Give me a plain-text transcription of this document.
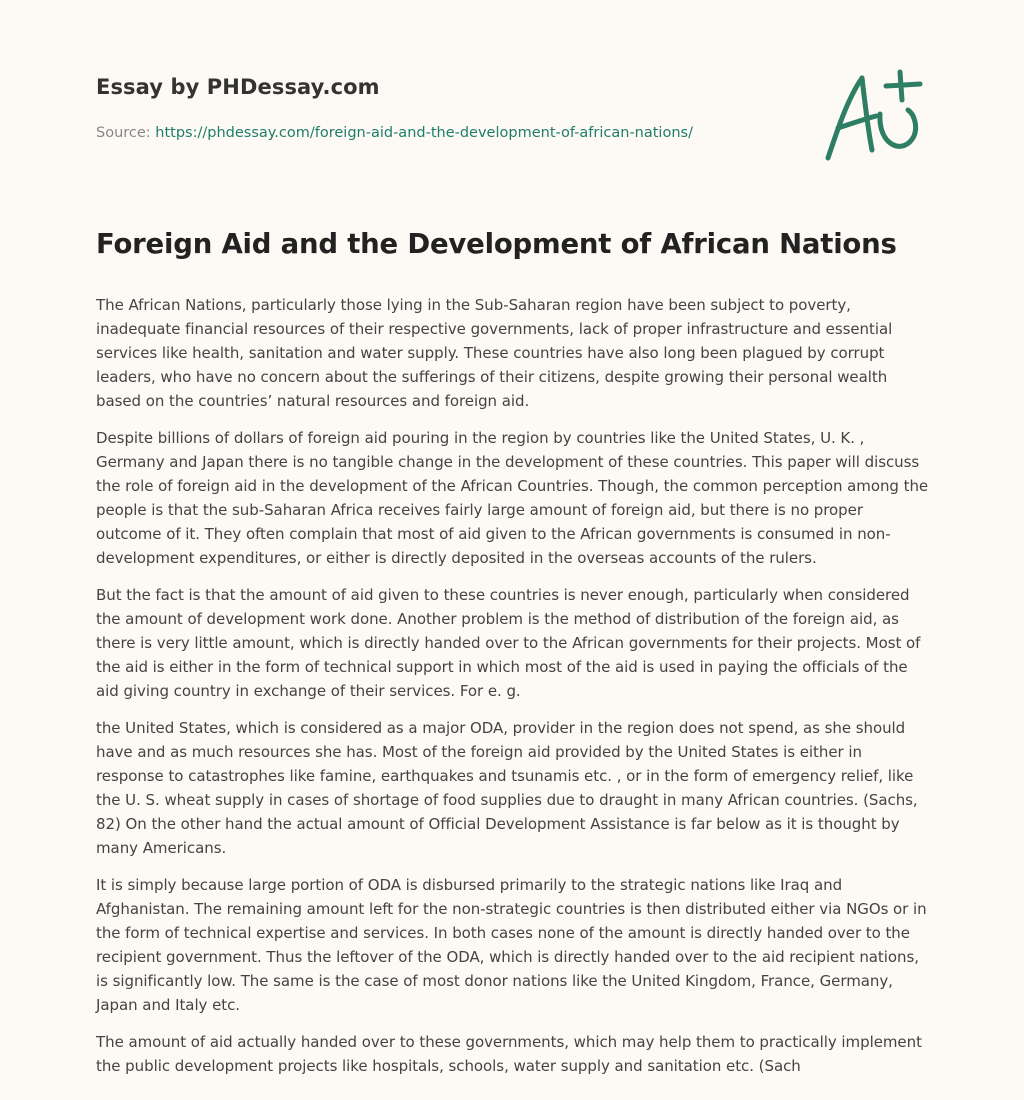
Essay by PHDessay.com
Source: https://phdessay.com/foreign-aid-and-the-development-of-african-nations/
Foreign Aid and the Development of African Nations

The African Nations, particularly those lying in the Sub-Saharan region have been subject to poverty, inadequate financial resources of their respective governments, lack of proper infrastructure and essential services like health, sanitation and water supply. These countries have also long been plagued by corrupt leaders, who have no concern about the sufferings of their citizens, despite growing their personal wealth based on the countries’ natural resources and foreign aid.

Despite billions of dollars of foreign aid pouring in the region by countries like the United States, U. K. , Germany and Japan there is no tangible change in the development of these countries. This paper will discuss the role of foreign aid in the development of the African Countries. Though, the common perception among the people is that the sub-Saharan Africa receives fairly large amount of foreign aid, but there is no proper outcome of it. They often complain that most of aid given to the African governments is consumed in non-development expenditures, or either is directly deposited in the overseas accounts of the rulers.

But the fact is that the amount of aid given to these countries is never enough, particularly when considered the amount of development work done. Another problem is the method of distribution of the foreign aid, as there is very little amount, which is directly handed over to the African governments for their projects. Most of the aid is either in the form of technical support in which most of the aid is used in paying the officials of the aid giving country in exchange of their services. For e. g.

the United States, which is considered as a major ODA, provider in the region does not spend, as she should have and as much resources she has. Most of the foreign aid provided by the United States is either in response to catastrophes like famine, earthquakes and tsunamis etc. , or in the form of emergency relief, like the U. S. wheat supply in cases of shortage of food supplies due to draught in many African countries. (Sachs, 82) On the other hand the actual amount of Official Development Assistance is far below as it is thought by many Americans.

It is simply because large portion of ODA is disbursed primarily to the strategic nations like Iraq and Afghanistan. The remaining amount left for the non-strategic countries is then distributed either via NGOs or in the form of technical expertise and services. In both cases none of the amount is directly handed over to the recipient government. Thus the leftover of the ODA, which is directly handed over to the aid recipient nations, is significantly low. The same is the case of most donor nations like the United Kingdom, France, Germany, Japan and Italy etc.

The amount of aid actually handed over to these governments, which may help them to practically implement the public development projects like hospitals, schools, water supply and sanitation etc. (Sach
